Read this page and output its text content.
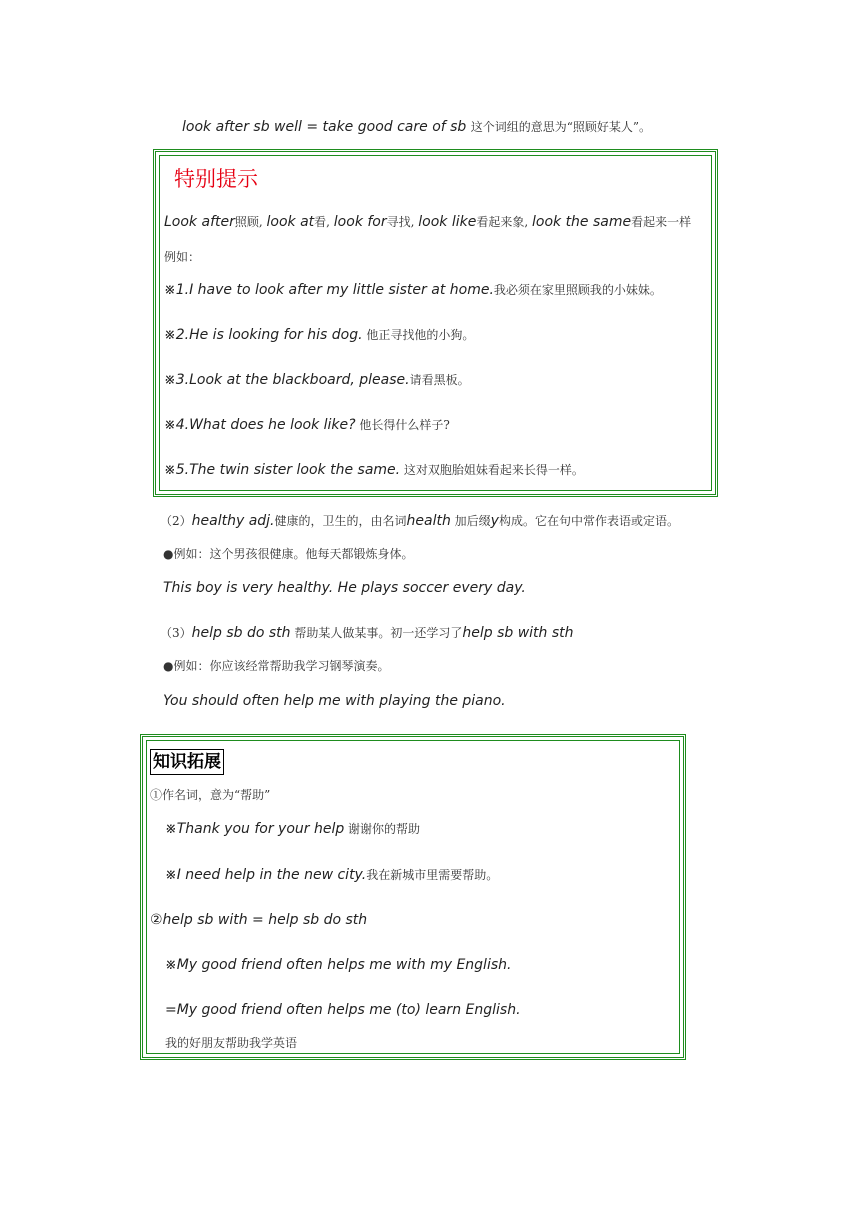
look after sb well = take good care of sb 这个词组的意思为“照顾好某人”。
特别提示
Look after照顾, look at看, look for寻找, look like看起来象, look the same看起来一样
例如：
※1.I have to look after my little sister at home.我必须在家里照顾我的小妹妹。
※2.He is looking for his dog. 他正寻找他的小狗。
※3.Look at the blackboard, please.请看黑板。
※4.What does he look like? 他长得什么样子?
※5.The twin sister look the same. 这对双胞胎姐妹看起来长得一样。
（2）healthy adj.健康的，卫生的，由名词health 加后缀y构成。它在句中常作表语或定语。
●例如：这个男孩很健康。他每天都锻炼身体。
This boy is very healthy. He plays soccer every day.
（3）help sb do sth 帮助某人做某事。初一还学习了help sb with sth
●例如：你应该经常帮助我学习钢琴演奏。
You should often help me with playing the piano.
知识拓展
①作名词，意为“帮助”
※Thank you for your help 谢谢你的帮助
※I need help in the new city.我在新城市里需要帮助。
②help sb with = help sb do sth
※My good friend often helps me with my English.
=My good friend often helps me (to) learn English.
我的好朋友帮助我学英语
